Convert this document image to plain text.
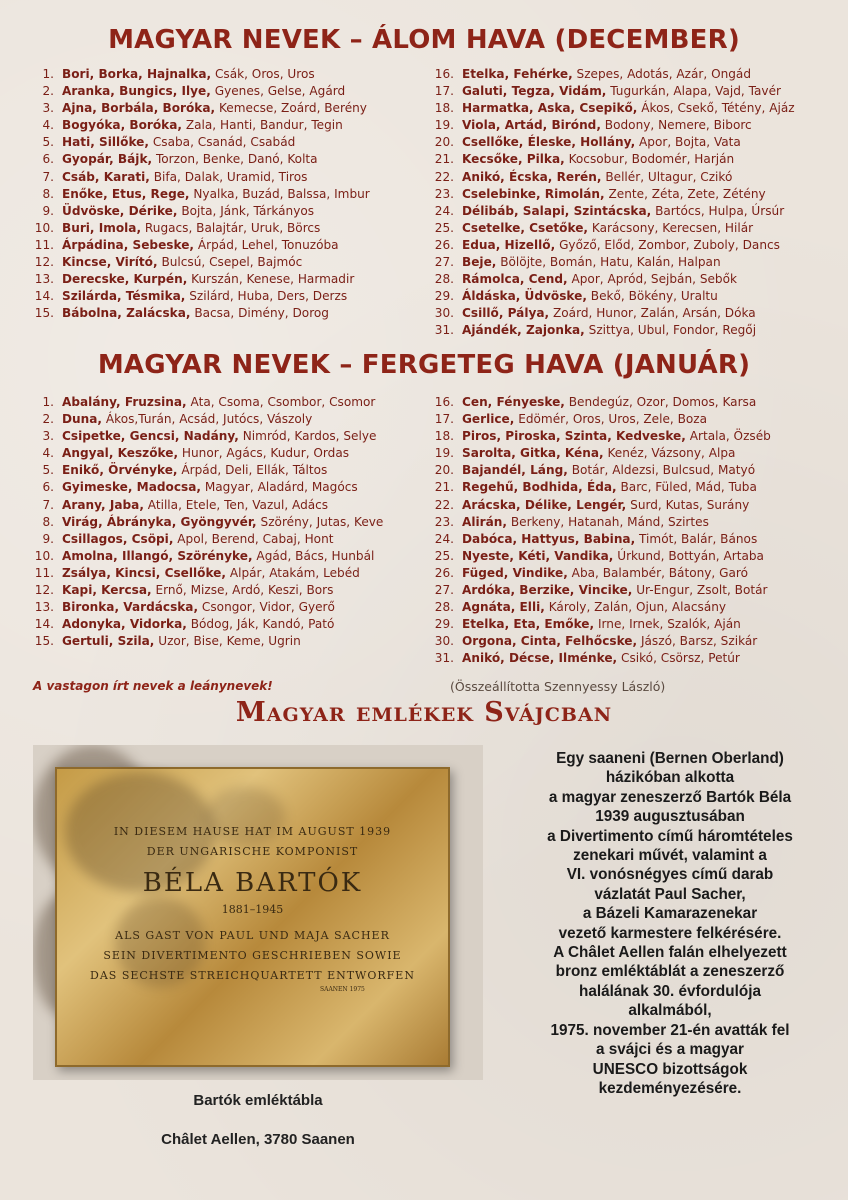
MAGYAR NEVEK – ÁLOM HAVA (DECEMBER)
1. Bori, Borka, Hajnalka, Csák, Oros, Uros
2. Aranka, Bungics, Ilye, Gyenes, Gelse, Agárd
3. Ajna, Borbála, Boróka, Kemecse, Zoárd, Berény
4. Bogyóka, Boróka, Zala, Hanti, Bandur, Tegin
5. Hati, Sillőke, Csaba, Csanád, Csabád
6. Gyopár, Bájk, Torzon, Benke, Danó, Kolta
7. Csáb, Karati, Bifa, Dalak, Uramid, Tiros
8. Enőke, Etus, Rege, Nyalka, Buzád, Balssa, Imbur
9. Üdvöske, Dérike, Bojta, Jánk, Tárkányos
10. Buri, Imola, Rugacs, Balajtár, Uruk, Börcs
11. Árpádina, Sebeske, Árpád, Lehel, Tonuzóba
12. Kincse, Virító, Bulcsú, Csepel, Bajmóc
13. Derecske, Kurpén, Kurszán, Kenese, Harmadir
14. Szilárda, Tésmika, Szilárd, Huba, Ders, Derzs
15. Bábolna, Zalácska, Bacsa, Dimény, Dorog
16. Etelka, Fehérke, Szepes, Adotás, Azár, Ongád
17. Galuti, Tegza, Vidám, Tugurkán, Alapa, Vajd, Tavér
18. Harmatka, Aska, Csepikő, Ákos, Csekő, Tétény, Ajáz
19. Viola, Artád, Birónd, Bodony, Nemere, Biborc
20. Csellőke, Éleske, Hollány, Apor, Bojta, Vata
21. Kecsőke, Pilka, Kocsobur, Bodomér, Harján
22. Anikó, Écska, Rerén, Bellér, Ultagur, Czikó
23. Cselebinke, Rimolán, Zente, Zéta, Zete, Zétény
24. Délibáb, Salapi, Szintácska, Bartócs, Hulpa, Úrsúr
25. Csetelke, Csetőke, Karácsony, Kerecsen, Hilár
26. Edua, Hizellő, Győző, Előd, Zombor, Zuboly, Dancs
27. Beje, Bölöjte, Bomán, Hatu, Kalán, Halpan
28. Rámolca, Cend, Apor, Apród, Sejbán, Sebők
29. Áldáska, Üdvöske, Bekő, Bökény, Uraltu
30. Csillő, Pálya, Zoárd, Hunor, Zalán, Arsán, Dóka
31. Ajándék, Zajonka, Szittya, Ubul, Fondor, Regőj
MAGYAR NEVEK – FERGETEG HAVA (JANUÁR)
1. Abalány, Fruzsina, Ata, Csoma, Csombor, Csomor
2. Duna, Ákos,Turán, Acsád, Jutócs, Vászoly
3. Csipetke, Gencsi, Nadány, Nimród, Kardos, Selye
4. Angyal, Keszőke, Hunor, Agács, Kudur, Ordas
5. Enikő, Örvényke, Árpád, Deli, Ellák, Táltos
6. Gyimeske, Madocsa, Magyar, Aladárd, Magócs
7. Arany, Jaba, Atilla, Etele, Ten, Vazul, Adács
8. Virág, Ábrányka, Gyöngyvér, Szörény, Jutas, Keve
9. Csillagos, Csöpi, Apol, Berend, Cabaj, Hont
10. Amolna, Illangó, Szörényke, Agád, Bács, Hunbál
11. Zsálya, Kincsi, Csellőke, Alpár, Atakám, Lebéd
12. Kapi, Kercsa, Ernő, Mizse, Ardó, Keszi, Bors
13. Bironka, Vardácska, Csongor, Vidor, Gyerő
14. Adonyka, Vidorka, Bódog, Ják, Kandó, Pató
15. Gertuli, Szila, Uzor, Bise, Keme, Ugrin
16. Cen, Fényeske, Bendegúz, Ozor, Domos, Karsa
17. Gerlice, Edömér, Oros, Uros, Zele, Boza
18. Piros, Piroska, Szinta, Kedveske, Artala, Özséb
19. Sarolta, Gitka, Kéna, Kenéz, Vázsony, Alpa
20. Bajandél, Láng, Botár, Aldezsi, Bulcsud, Matyó
21. Regehű, Bodhida, Éda, Barc, Füled, Mád, Tuba
22. Arácska, Délike, Lengér, Surd, Kutas, Surány
23. Alirán, Berkeny, Hatanah, Mánd, Szirtes
24. Dabóca, Hattyus, Babina, Timót, Balár, Bános
25. Nyeste, Kéti, Vandika, Úrkund, Bottyán, Artaba
26. Füged, Vindike, Aba, Balambér, Bátony, Garó
27. Ardóka, Berzike, Vincike, Ur-Engur, Zsolt, Botár
28. Agnáta, Elli, Károly, Zalán, Ojun, Alacsány
29. Etelka, Eta, Emőke, Irne, Irnek, Szalók, Aján
30. Orgona, Cinta, Felhőcske, Jászó, Barsz, Szikár
31. Anikó, Décse, Ilménke, Csikó, Csörsz, Petúr
A vastagon írt nevek a leánynevek!	(Összeállította Szennyessy László)
Magyar emlékek Svájcban
IN DIESEM HAUSE HAT IM AUGUST 1939
DER UNGARISCHE KOMPONIST
BÉLA BARTÓK
1881–1945
ALS GAST VON PAUL UND MAJA SACHER
SEIN DIVERTIMENTO GESCHRIEBEN SOWIE
DAS SECHSTE STREICHQUARTETT ENTWORFEN
SAANEN 1975
Bartók emléktábla
Châlet Aellen, 3780 Saanen
Egy saaneni (Bernen Oberland)
házikóban alkotta
a magyar zeneszerző Bartók Béla
1939 augusztusában
a Divertimento című háromtételes
zenekari művét, valamint a
VI. vonósnégyes című darab
vázlatát Paul Sacher,
a Bázeli Kamarazenekar
vezető karmestere felkérésére.
A Châlet Aellen falán elhelyezett
bronz emléktáblát a zeneszerző
halálának 30. évfordulója
alkalmából,
1975. november 21-én avatták fel
a svájci és a magyar
UNESCO bizottságok
kezdeményezésére.
